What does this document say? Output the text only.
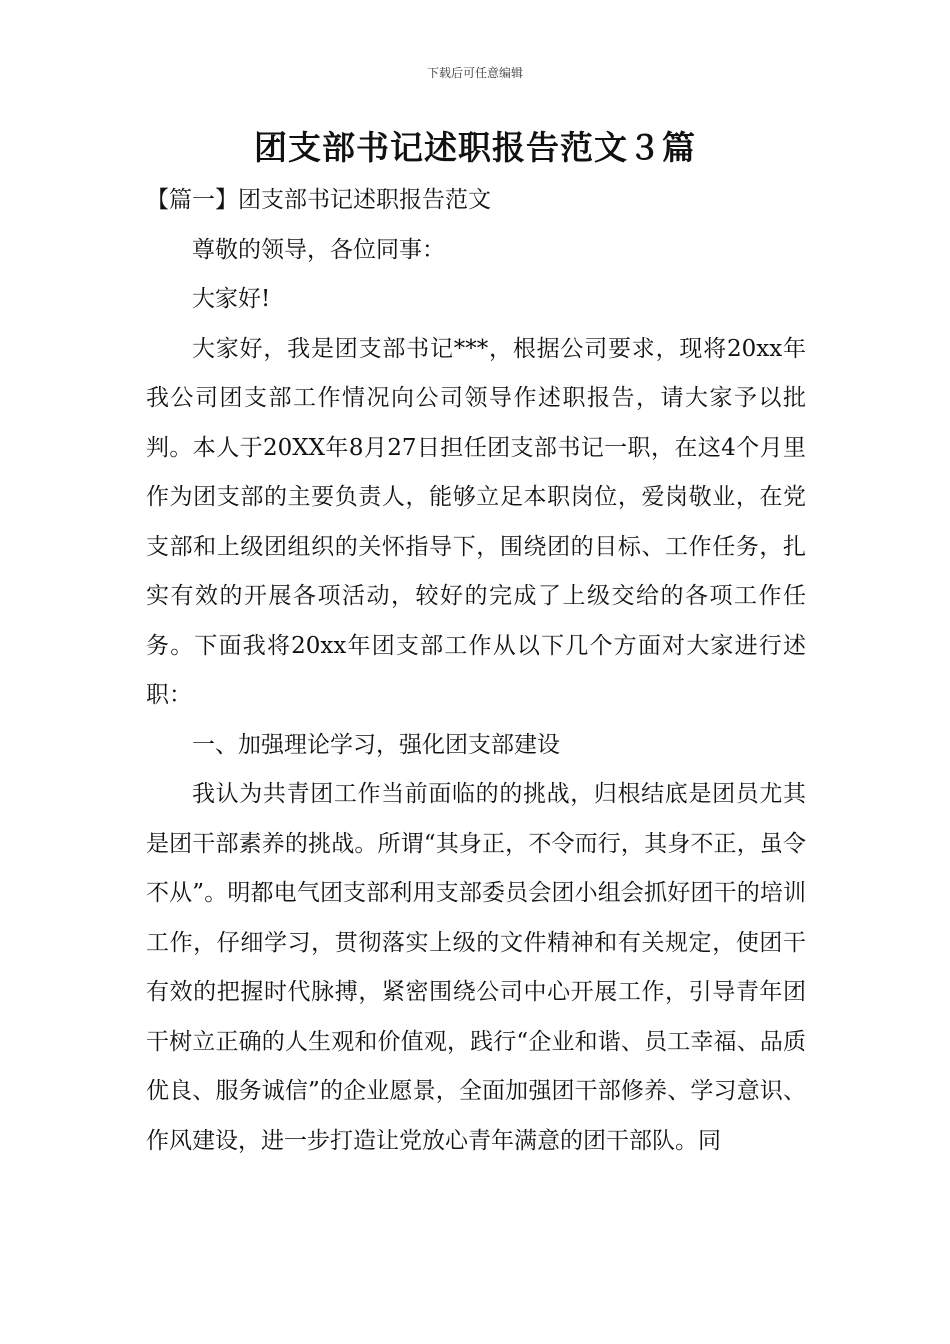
下载后可任意编辑
团支部书记述职报告范文３篇

【篇一】团支部书记述职报告范文

尊敬的领导，各位同事：

大家好!

大家好，我是团支部书记***，根据公司要求，现将20xx年我公司团支部工作情况向公司领导作述职报告，请大家予以批判。本人于20XX年8月27日担任团支部书记一职，在这4个月里作为团支部的主要负责人，能够立足本职岗位，爱岗敬业，在党支部和上级团组织的关怀指导下，围绕团的目标、工作任务，扎实有效的开展各项活动，较好的完成了上级交给的各项工作任务。下面我将20xx年团支部工作从以下几个方面对大家进行述职：

一、加强理论学习，强化团支部建设

我认为共青团工作当前面临的的挑战，归根结底是团员尤其是团干部素养的挑战。所谓“其身正，不令而行，其身不正，虽令不从”。明都电气团支部利用支部委员会团小组会抓好团干的培训工作，仔细学习，贯彻落实上级的文件精神和有关规定，使团干有效的把握时代脉搏，紧密围绕公司中心开展工作，引导青年团干树立正确的人生观和价值观，践行“企业和谐、员工幸福、品质优良、服务诚信”的企业愿景，全面加强团干部修养、学习意识、作风建设，进一步打造让党放心青年满意的团干部队。同
